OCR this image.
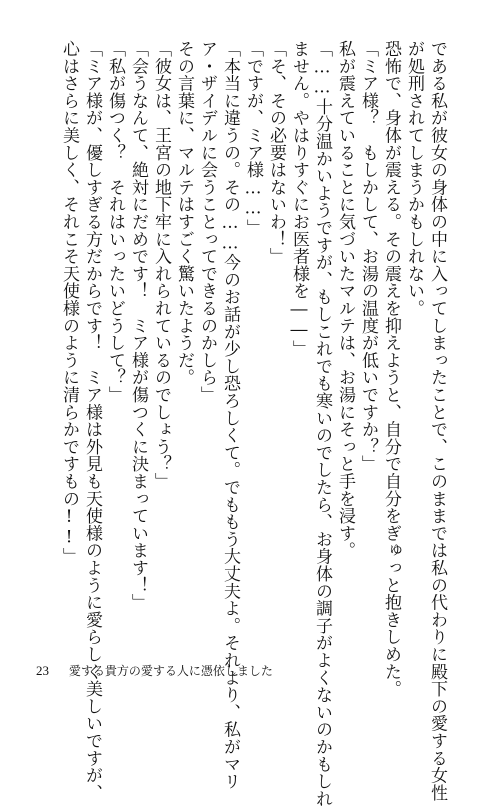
である私が彼女の身体の中に入ってしまったことで、このままでは私の代わりに殿下の愛する女性

が処刑されてしまうかもしれない。

恐怖で、身体が震える。その震えを抑えようと、自分で自分をぎゅっと抱きしめた。

「ミア様？　もしかして、お湯の温度が低いですか？」

私が震えていることに気づいたマルテは、お湯にそっと手を浸す。

「……十分温かいようですが、もしこれでも寒いのでしたら、お身体の調子がよくないのかもしれ

ません。やはりすぐにお医者様を――」

「そ、その必要はないわ！」

「ですが、ミア様……」

「本当に違うの。その……今のお話が少し恐ろしくて。でももう大丈夫よ。それより、私がマリ

ア・ザイデルに会うことってできるのかしら」

その言葉に、マルテはすごく驚いたようだ。

「彼女は、王宮の地下牢に入れられているのでしょう？」

「会うなんて、絶対にだめです！　ミア様が傷つくに決まっています！」

「私が傷つく？　それはいったいどうして？」

「ミア様が、優しすぎる方だからです！　ミア様は外見も天使様のように愛らしく美しいですが、

心はさらに美しく、それこそ天使様のように清らかですもの!!」

23 愛する貴方の愛する人に憑依しました
